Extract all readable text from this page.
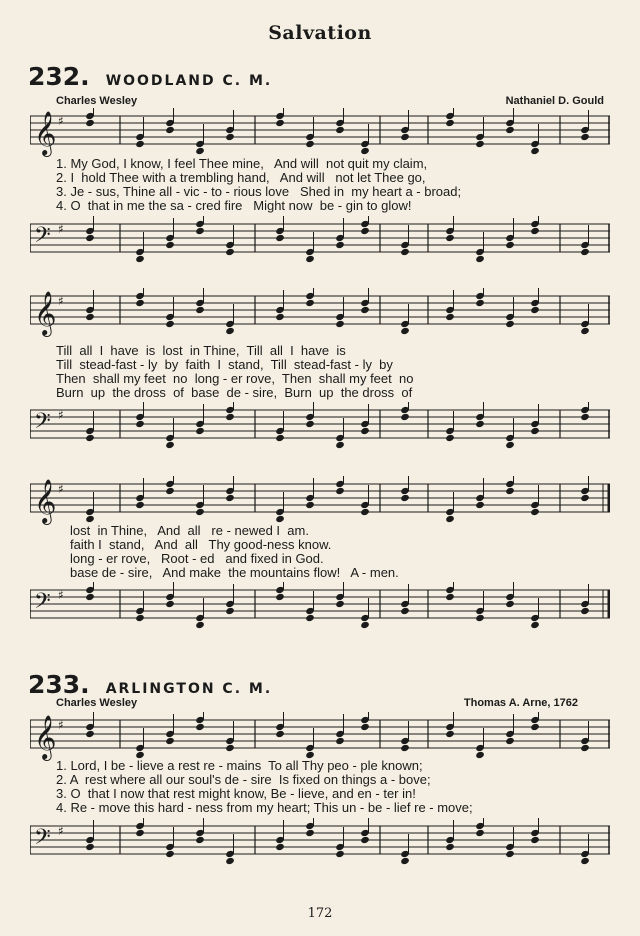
Salvation
232. WOODLAND C. M.
Charles Wesley	Nathaniel D. Gould
𝄞 ♯
1. My God, I know, I feel Thee mine,   And will  not quit my claim,
2. I  hold Thee with a trembling hand,   And will   not let Thee go,
3. Je - sus, Thine all - vic - to - rious love   Shed in  my heart a - broad;
4. O  that in me the sa - cred fire   Might now  be - gin to glow!
𝄢 ♯
𝄞 ♯
Till  all  I  have  is  lost  in Thine,  Till  all  I  have  is
Till  stead-fast - ly  by  faith  I  stand,  Till  stead-fast - ly  by
Then  shall my feet  no  long - er rove,  Then  shall my feet  no
Burn  up  the dross  of  base  de - sire,  Burn  up  the dross  of
𝄢 ♯
𝄞 ♯
lost  in Thine,   And  all   re - newed I  am.
faith I  stand,   And  all   Thy good-ness know.
long - er rove,   Root - ed   and fixed in God.
base de - sire,   And make  the mountains flow!   A - men.
𝄢 ♯
233. ARLINGTON C. M.
Charles Wesley	Thomas A. Arne, 1762
𝄞 ♯
1. Lord, I be - lieve a rest re - mains  To all Thy peo - ple known;
2. A  rest where all our soul's de - sire  Is fixed on things a - bove;
3. O  that I now that rest might know, Be - lieve, and en - ter in!
4. Re - move this hard - ness from my heart; This un - be - lief re - move;
𝄢 ♯
172
